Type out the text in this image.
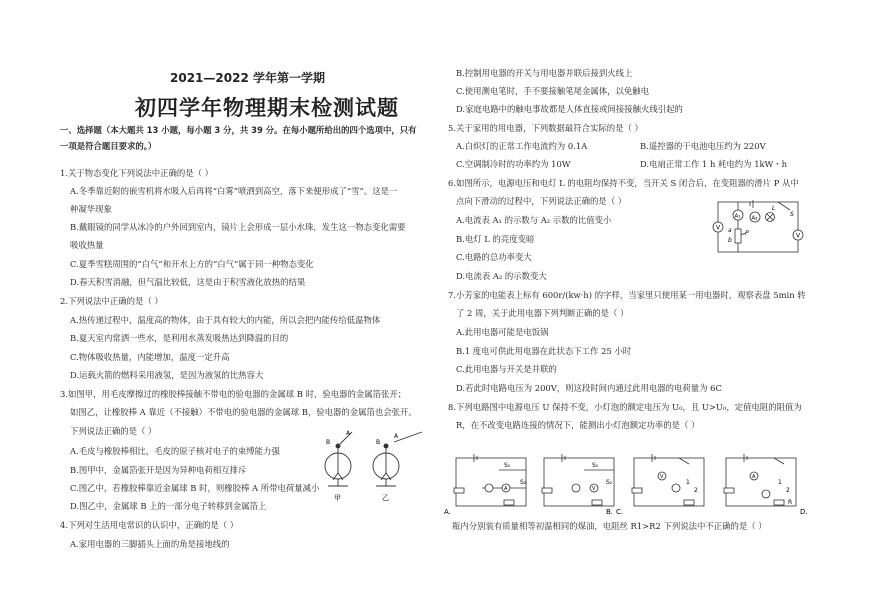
2021—2022 学年第一学期
初四学年物理期末检测试题
一、选择题（本大题共 13 小题，每小题 3 分，共 39 分。在每小题所给出的四个选项中，只有
一项是符合题目要求的。）
1.关于物态变化下列说法中正确的是（ ）
A.冬季靠近附的嵌雪机将水吸入后再将“白雾”喷洒到高空，落下来便形成了“雪”。这是一
种凝华现象
B.戴眼镜的同学从冰冷的户外回到室内，镜片上会形成一层小水珠，发生这一物态变化需要
吸收热量
C.夏季雪糕周围的“白气”和开水上方的“白气”属于同一种物态变化
D.春天积雪消融，但气温比较低，这是由于积雪液化放热的结果
2.下列说法中正确的是（ ）
A.热传递过程中，温度高的物体，由于具有较大的内能，所以会把内能传给低温物体
B.夏天室内常洒一些水，是利用水蒸发吸热达到降温的目的
C.物体吸收热量，内能增加，温度一定升高
D.运载火箭的燃料采用液氢，是因为液氢的比热容大
3.如图甲，用毛皮摩擦过的橡胶棒接触不带电的验电器的金属球 B 时，验电器的金属箔张开；
如图乙，让橡胶棒 A 靠近（不接触）不带电的验电器的金属球 B，验电器的金属箔也会张开。
下列说法正确的是（ ）
A.毛皮与橡胶棒相比，毛皮的原子核对电子的束缚能力强
B.图甲中，金属箔张开是因为异种电荷相互排斥
C.图乙中，若橡胶棒靠近金属球 B 时，则橡胶棒 A 所带电荷量减小
D.图乙中，金属球 B 上的一部分电子转移到金属箔上
4.下列对生活用电常识的认识中，正确的是（ ）
A.家用电器的三脚插头上面的角是接地线的
A
B
甲
A
B
乙
B.控制用电器的开关与用电器并联后接到火线上
C.使用测电笔时，手不要接触笔尾金属体，以免触电
D.家庭电路中的触电事故都是人体直接或间接接触火线引起的
5.关于家用的用电器，下列数据最符合实际的是（ ）
A.白炽灯的正常工作电流约为 0.1A	B.遥控器的干电池电压约为 220V
C.空调制冷时的功率约为 10W	D.电扇正常工作 1 h 耗电约为 1kW・h
6.如图所示，电源电压和电灯 L 的电阻均保持不变，当开关 S 闭合后，在变阻器的滑片 P 从中
点向下滑动的过程中，下列说法正确的是（ ）
A.电流表 A₁ 的示数与 A₂ 示数的比值变小
B.电灯 L 的亮度变暗
C.电路的总功率变大
D.电流表 A₂ 的示数变大
7.小芳家的电能表上标有 600r/(kw·h) 的字样，当家里只使用某一用电器时，观察表盘 5min 转
了 2 周，关于此用电器下列判断正确的是（ ）
A.此用电器可能是电饭锅
B.1 度电可供此用电器在此状态下工作 25 小时
C.此用电器与开关是并联的
D.若此时电路电压为 200V，则这段时间内通过此用电器的电荷量为 6C
8.下列电路图中电源电压 U 保持不变，小灯泡的额定电压为 U₀，且 U>U₀，定值电阻的阻值为
R，在不改变电路连接的情况下，能测出小灯泡额定功率的是（ ）
瓶内分别装有质量相等初温相同的煤油，电阻丝 R1>R2 下列说法中不正确的是（ ）
A₁ A₂
V
V
L
S
a
b
P
S₁
A
S₂
A.
S₁
V
S₂
B.
V
1
2
C.
A
1
2
R
D.
